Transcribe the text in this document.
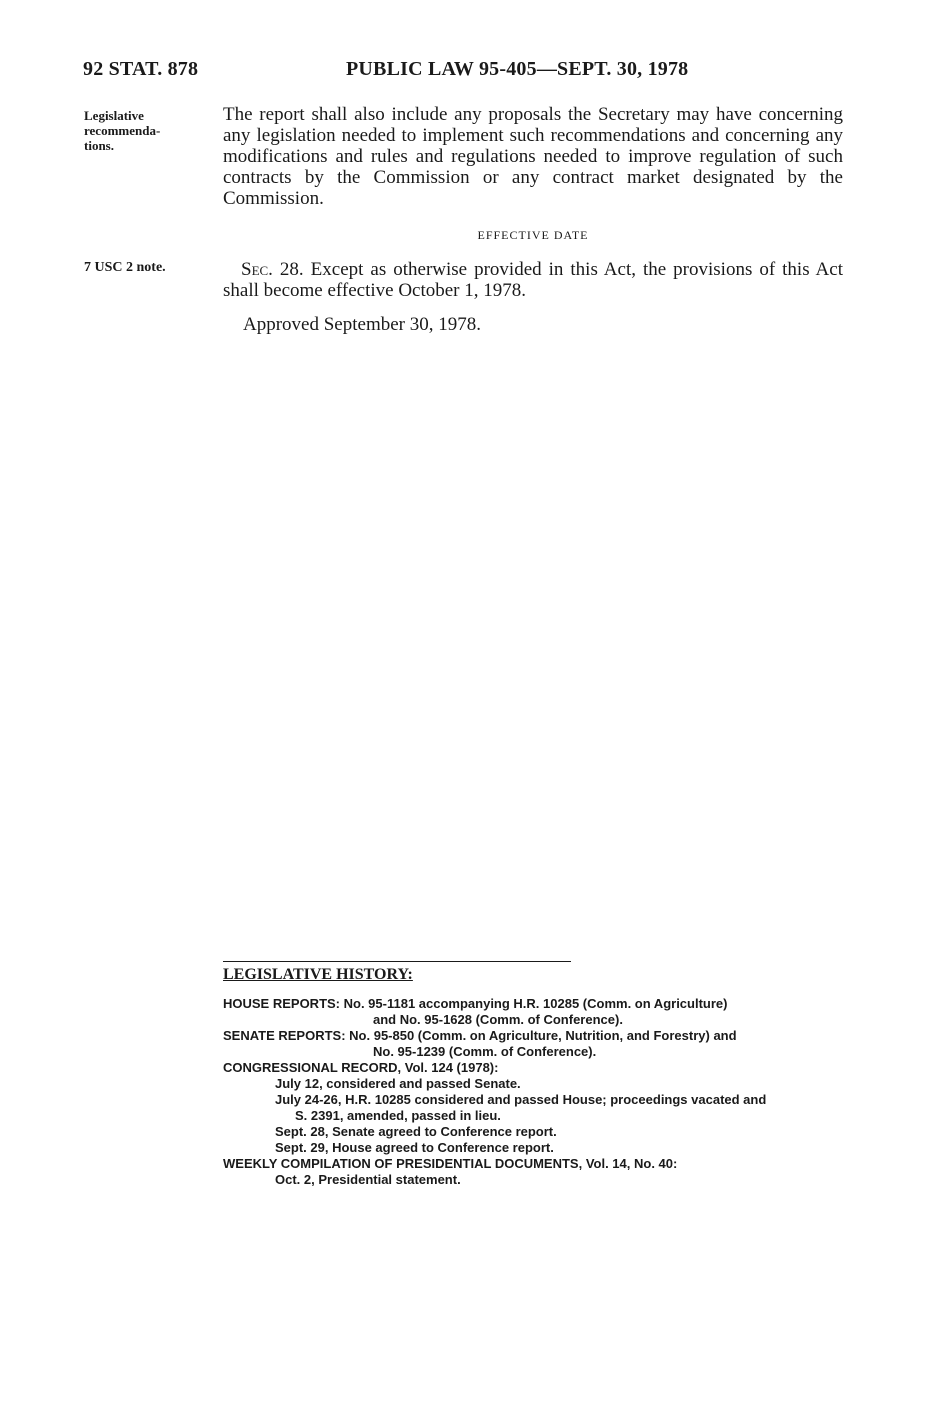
92 STAT. 878	PUBLIC LAW 95-405—SEPT. 30, 1978
Legislative
recommenda-
tions.
The report shall also include any proposals the Secretary may have concerning any legislation needed to implement such recommendations and concerning any modifications and rules and regulations needed to improve regulation of such contracts by the Commission or any contract market designated by the Commission.
EFFECTIVE DATE
7 USC 2 note.	Sec. 28. Except as otherwise provided in this Act, the provisions of this Act shall become effective October 1, 1978.
Approved September 30, 1978.
LEGISLATIVE HISTORY:
HOUSE REPORTS: No. 95-1181 accompanying H.R. 10285 (Comm. on Agriculture)
and No. 95-1628 (Comm. of Conference).
SENATE REPORTS: No. 95-850 (Comm. on Agriculture, Nutrition, and Forestry) and
No. 95-1239 (Comm. of Conference).
CONGRESSIONAL RECORD, Vol. 124 (1978):
July 12, considered and passed Senate.
July 24-26, H.R. 10285 considered and passed House; proceedings vacated and
S. 2391, amended, passed in lieu.
Sept. 28, Senate agreed to Conference report.
Sept. 29, House agreed to Conference report.
WEEKLY COMPILATION OF PRESIDENTIAL DOCUMENTS, Vol. 14, No. 40:
Oct. 2, Presidential statement.
